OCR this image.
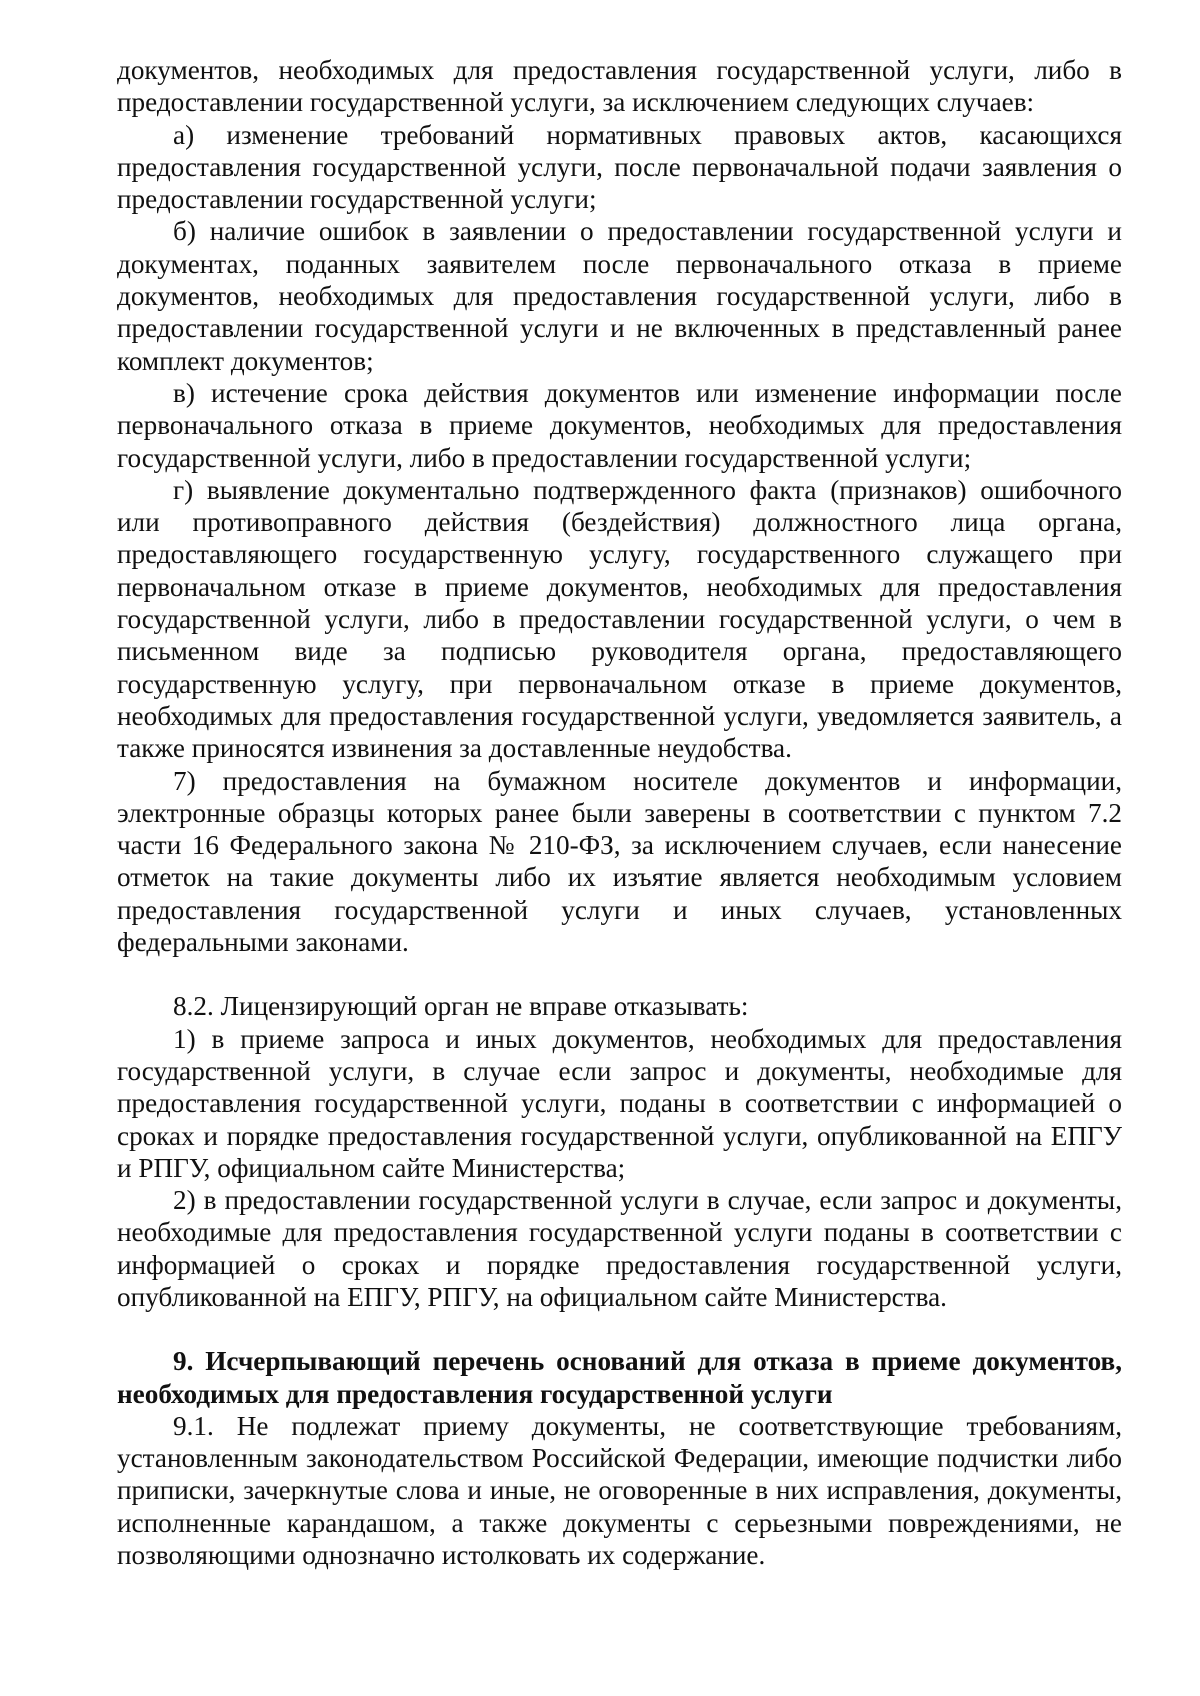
документов, необходимых для предоставления государственной услуги, либо в предоставлении государственной услуги, за исключением следующих случаев:

а) изменение требований нормативных правовых актов, касающихся предоставления государственной услуги, после первоначальной подачи заявления о предоставлении государственной услуги;

б) наличие ошибок в заявлении о предоставлении государственной услуги и документах, поданных заявителем после первоначального отказа в приеме документов, необходимых для предоставления государственной услуги, либо в предоставлении государственной услуги и не включенных в представленный ранее комплект документов;

в) истечение срока действия документов или изменение информации после первоначального отказа в приеме документов, необходимых для предоставления государственной услуги, либо в предоставлении государственной услуги;

г) выявление документально подтвержденного факта (признаков) ошибочного или противоправного действия (бездействия) должностного лица органа, предоставляющего государственную услугу, государственного служащего при первоначальном отказе в приеме документов, необходимых для предоставления государственной услуги, либо в предоставлении государственной услуги, о чем в письменном виде за подписью руководителя органа, предоставляющего государственную услугу, при первоначальном отказе в приеме документов, необходимых для предоставления государственной услуги, уведомляется заявитель, а также приносятся извинения за доставленные неудобства.

7) предоставления на бумажном носителе документов и информации, электронные образцы которых ранее были заверены в соответствии с пунктом 7.2 части 16 Федерального закона № 210-ФЗ, за исключением случаев, если нанесение отметок на такие документы либо их изъятие является необходимым условием предоставления государственной услуги и иных случаев, установленных федеральными законами.

8.2. Лицензирующий орган не вправе отказывать:

1) в приеме запроса и иных документов, необходимых для предоставления государственной услуги, в случае если запрос и документы, необходимые для предоставления государственной услуги, поданы в соответствии с информацией о сроках и порядке предоставления государственной услуги, опубликованной на ЕПГУ и РПГУ, официальном сайте Министерства;

2) в предоставлении государственной услуги в случае, если запрос и документы, необходимые для предоставления государственной услуги поданы в соответствии с информацией о сроках и порядке предоставления государственной услуги, опубликованной на ЕПГУ, РПГУ, на официальном сайте Министерства.

9. Исчерпывающий перечень оснований для отказа в приеме документов, необходимых для предоставления государственной услуги

9.1. Не подлежат приему документы, не соответствующие требованиям, установленным законодательством Российской Федерации, имеющие подчистки либо приписки, зачеркнутые слова и иные, не оговоренные в них исправления, документы, исполненные карандашом, а также документы с серьезными повреждениями, не позволяющими однозначно истолковать их содержание.
